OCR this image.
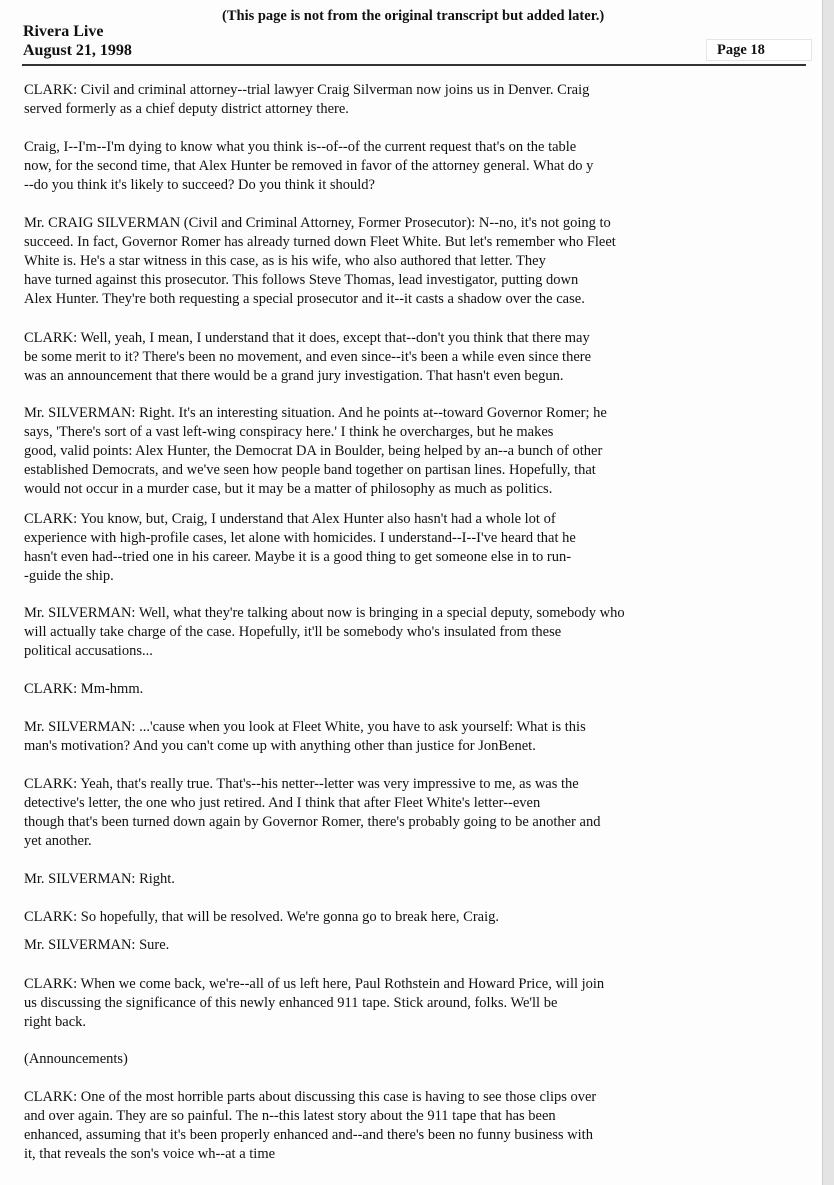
(This page is not from the original transcript but added later.)
Rivera Live
August 21, 1998	Page 18

CLARK: Civil and criminal attorney--trial lawyer Craig Silverman now joins us in Denver. Craig
served formerly as a chief deputy district attorney there.

Craig, I--I'm--I'm dying to know what you think is--of--of the current request that's on the table
now, for the second time, that Alex Hunter be removed in favor of the attorney general. What do y
--do you think it's likely to succeed? Do you think it should?

Mr. CRAIG SILVERMAN (Civil and Criminal Attorney, Former Prosecutor): N--no, it's not going to
succeed. In fact, Governor Romer has already turned down Fleet White. But let's remember who Fleet
White is. He's a star witness in this case, as is his wife, who also authored that letter. They
have turned against this prosecutor. This follows Steve Thomas, lead investigator, putting down
Alex Hunter. They're both requesting a special prosecutor and it--it casts a shadow over the case.

CLARK: Well, yeah, I mean, I understand that it does, except that--don't you think that there may
be some merit to it? There's been no movement, and even since--it's been a while even since there
was an announcement that there would be a grand jury investigation. That hasn't even begun.

Mr. SILVERMAN: Right. It's an interesting situation. And he points at--toward Governor Romer; he
says, 'There's sort of a vast left-wing conspiracy here.' I think he overcharges, but he makes
good, valid points: Alex Hunter, the Democrat DA in Boulder, being helped by an--a bunch of other
established Democrats, and we've seen how people band together on partisan lines. Hopefully, that
would not occur in a murder case, but it may be a matter of philosophy as much as politics.

CLARK: You know, but, Craig, I understand that Alex Hunter also hasn't had a whole lot of
experience with high-profile cases, let alone with homicides. I understand--I--I've heard that he
hasn't even had--tried one in his career. Maybe it is a good thing to get someone else in to run-
-guide the ship.

Mr. SILVERMAN: Well, what they're talking about now is bringing in a special deputy, somebody who
will actually take charge of the case. Hopefully, it'll be somebody who's insulated from these
political accusations...

CLARK: Mm-hmm.

Mr. SILVERMAN: ...'cause when you look at Fleet White, you have to ask yourself: What is this
man's motivation? And you can't come up with anything other than justice for JonBenet.

CLARK: Yeah, that's really true. That's--his netter--letter was very impressive to me, as was the
detective's letter, the one who just retired. And I think that after Fleet White's letter--even
though that's been turned down again by Governor Romer, there's probably going to be another and
yet another.

Mr. SILVERMAN: Right.

CLARK: So hopefully, that will be resolved. We're gonna go to break here, Craig.

Mr. SILVERMAN: Sure.

CLARK: When we come back, we're--all of us left here, Paul Rothstein and Howard Price, will join
us discussing the significance of this newly enhanced 911 tape. Stick around, folks. We'll be
right back.

(Announcements)

CLARK: One of the most horrible parts about discussing this case is having to see those clips over
and over again. They are so painful. The n--this latest story about the 911 tape that has been
enhanced, assuming that it's been properly enhanced and--and there's been no funny business with
it, that reveals the son's voice wh--at a time
